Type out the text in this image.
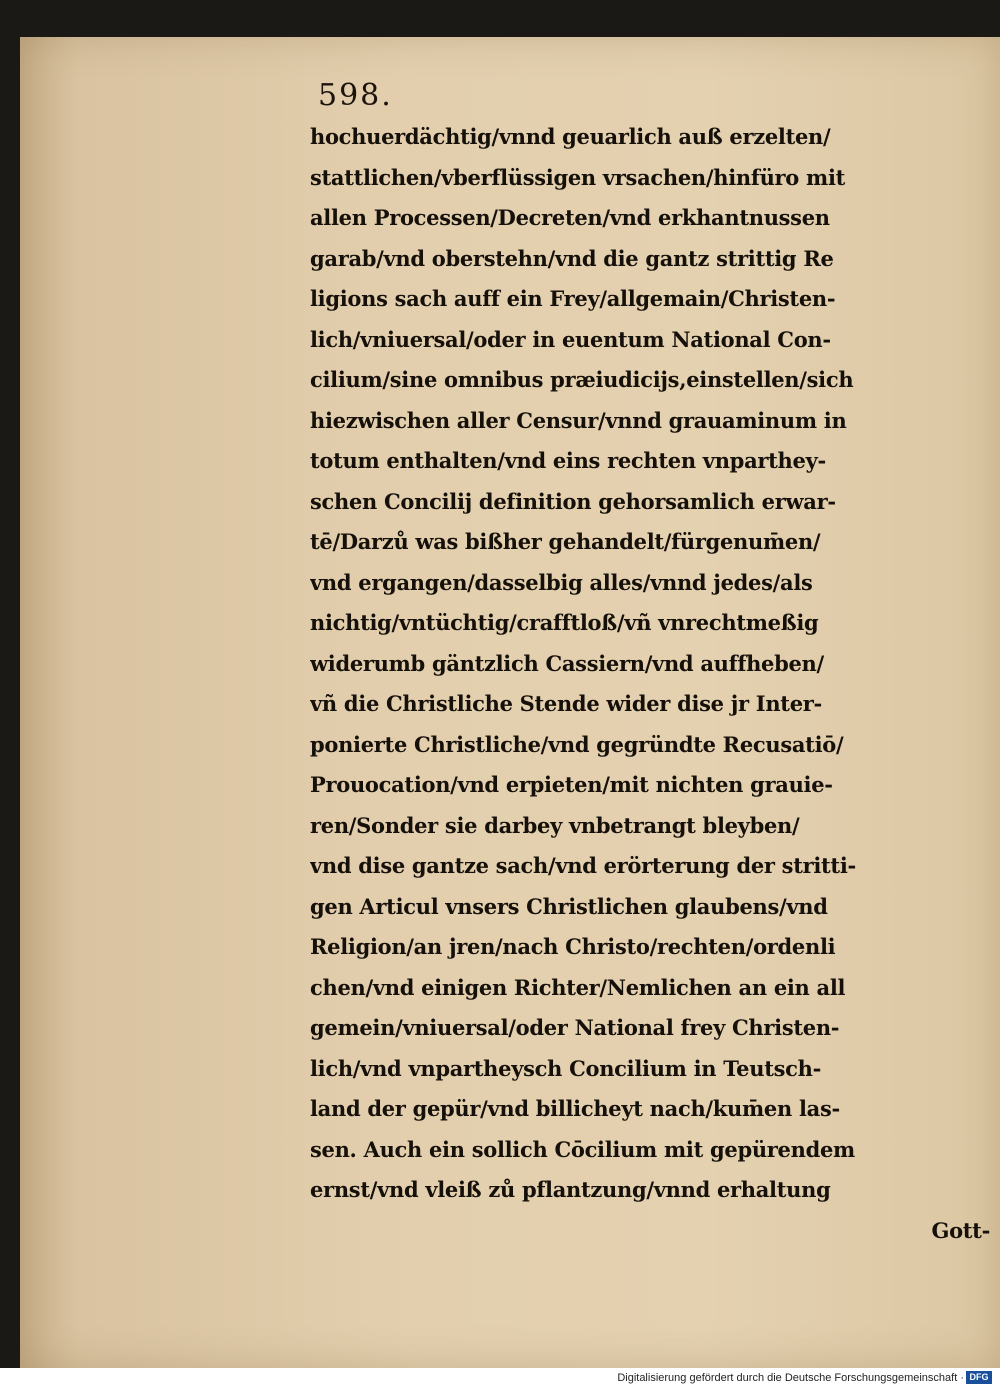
598.

hochuerdächtig/vnnd geuarlich auß erzelten/
stattlichen/vberflüssigen vrsachen/hinfüro mit
allen Processen/Decreten/vnd erkhantnussen
garab/vnd oberstehn/vnd die gantz strittig Re
ligions sach auff ein Frey/allgemain/Christen-
lich/vniuersal/oder in euentum National Con-
cilium/sine omnibus præiudicijs,einstellen/sich
hiezwischen aller Censur/vnnd grauaminum in
totum enthalten/vnd eins rechten vnparthey-
schen Concilij definition gehorsamlich erwar-
tē/Darzů was bißher gehandelt/fürgenum̄en/
vnd ergangen/dasselbig alles/vnnd jedes/als
nichtig/vntüchtig/crafftloß/vñ vnrechtmeßig
widerumb gäntzlich Cassiern/vnd auffheben/
vñ die Christliche Stende wider dise jr Inter-
ponierte Christliche/vnd gegründte Recusatiō/
Prouocation/vnd erpieten/mit nichten grauie-
ren/Sonder sie darbey vnbetrangt bleyben/
vnd dise gantze sach/vnd erörterung der stritti-
gen Articul vnsers Christlichen glaubens/vnd
Religion/an jren/nach Christo/rechten/ordenli
chen/vnd einigen Richter/Nemlichen an ein all
gemein/vniuersal/oder National frey Christen-
lich/vnd vnpartheysch Concilium in Teutsch-
land der gepür/vnd billicheyt nach/kum̄en las-
sen. Auch ein sollich Cōcilium mit gepürendem
ernst/vnd vleiß zů pflantzung/vnnd erhaltung
Gott-
Digitalisierung gefördert durch die Deutsche Forschungsgemeinschaft · DFG
